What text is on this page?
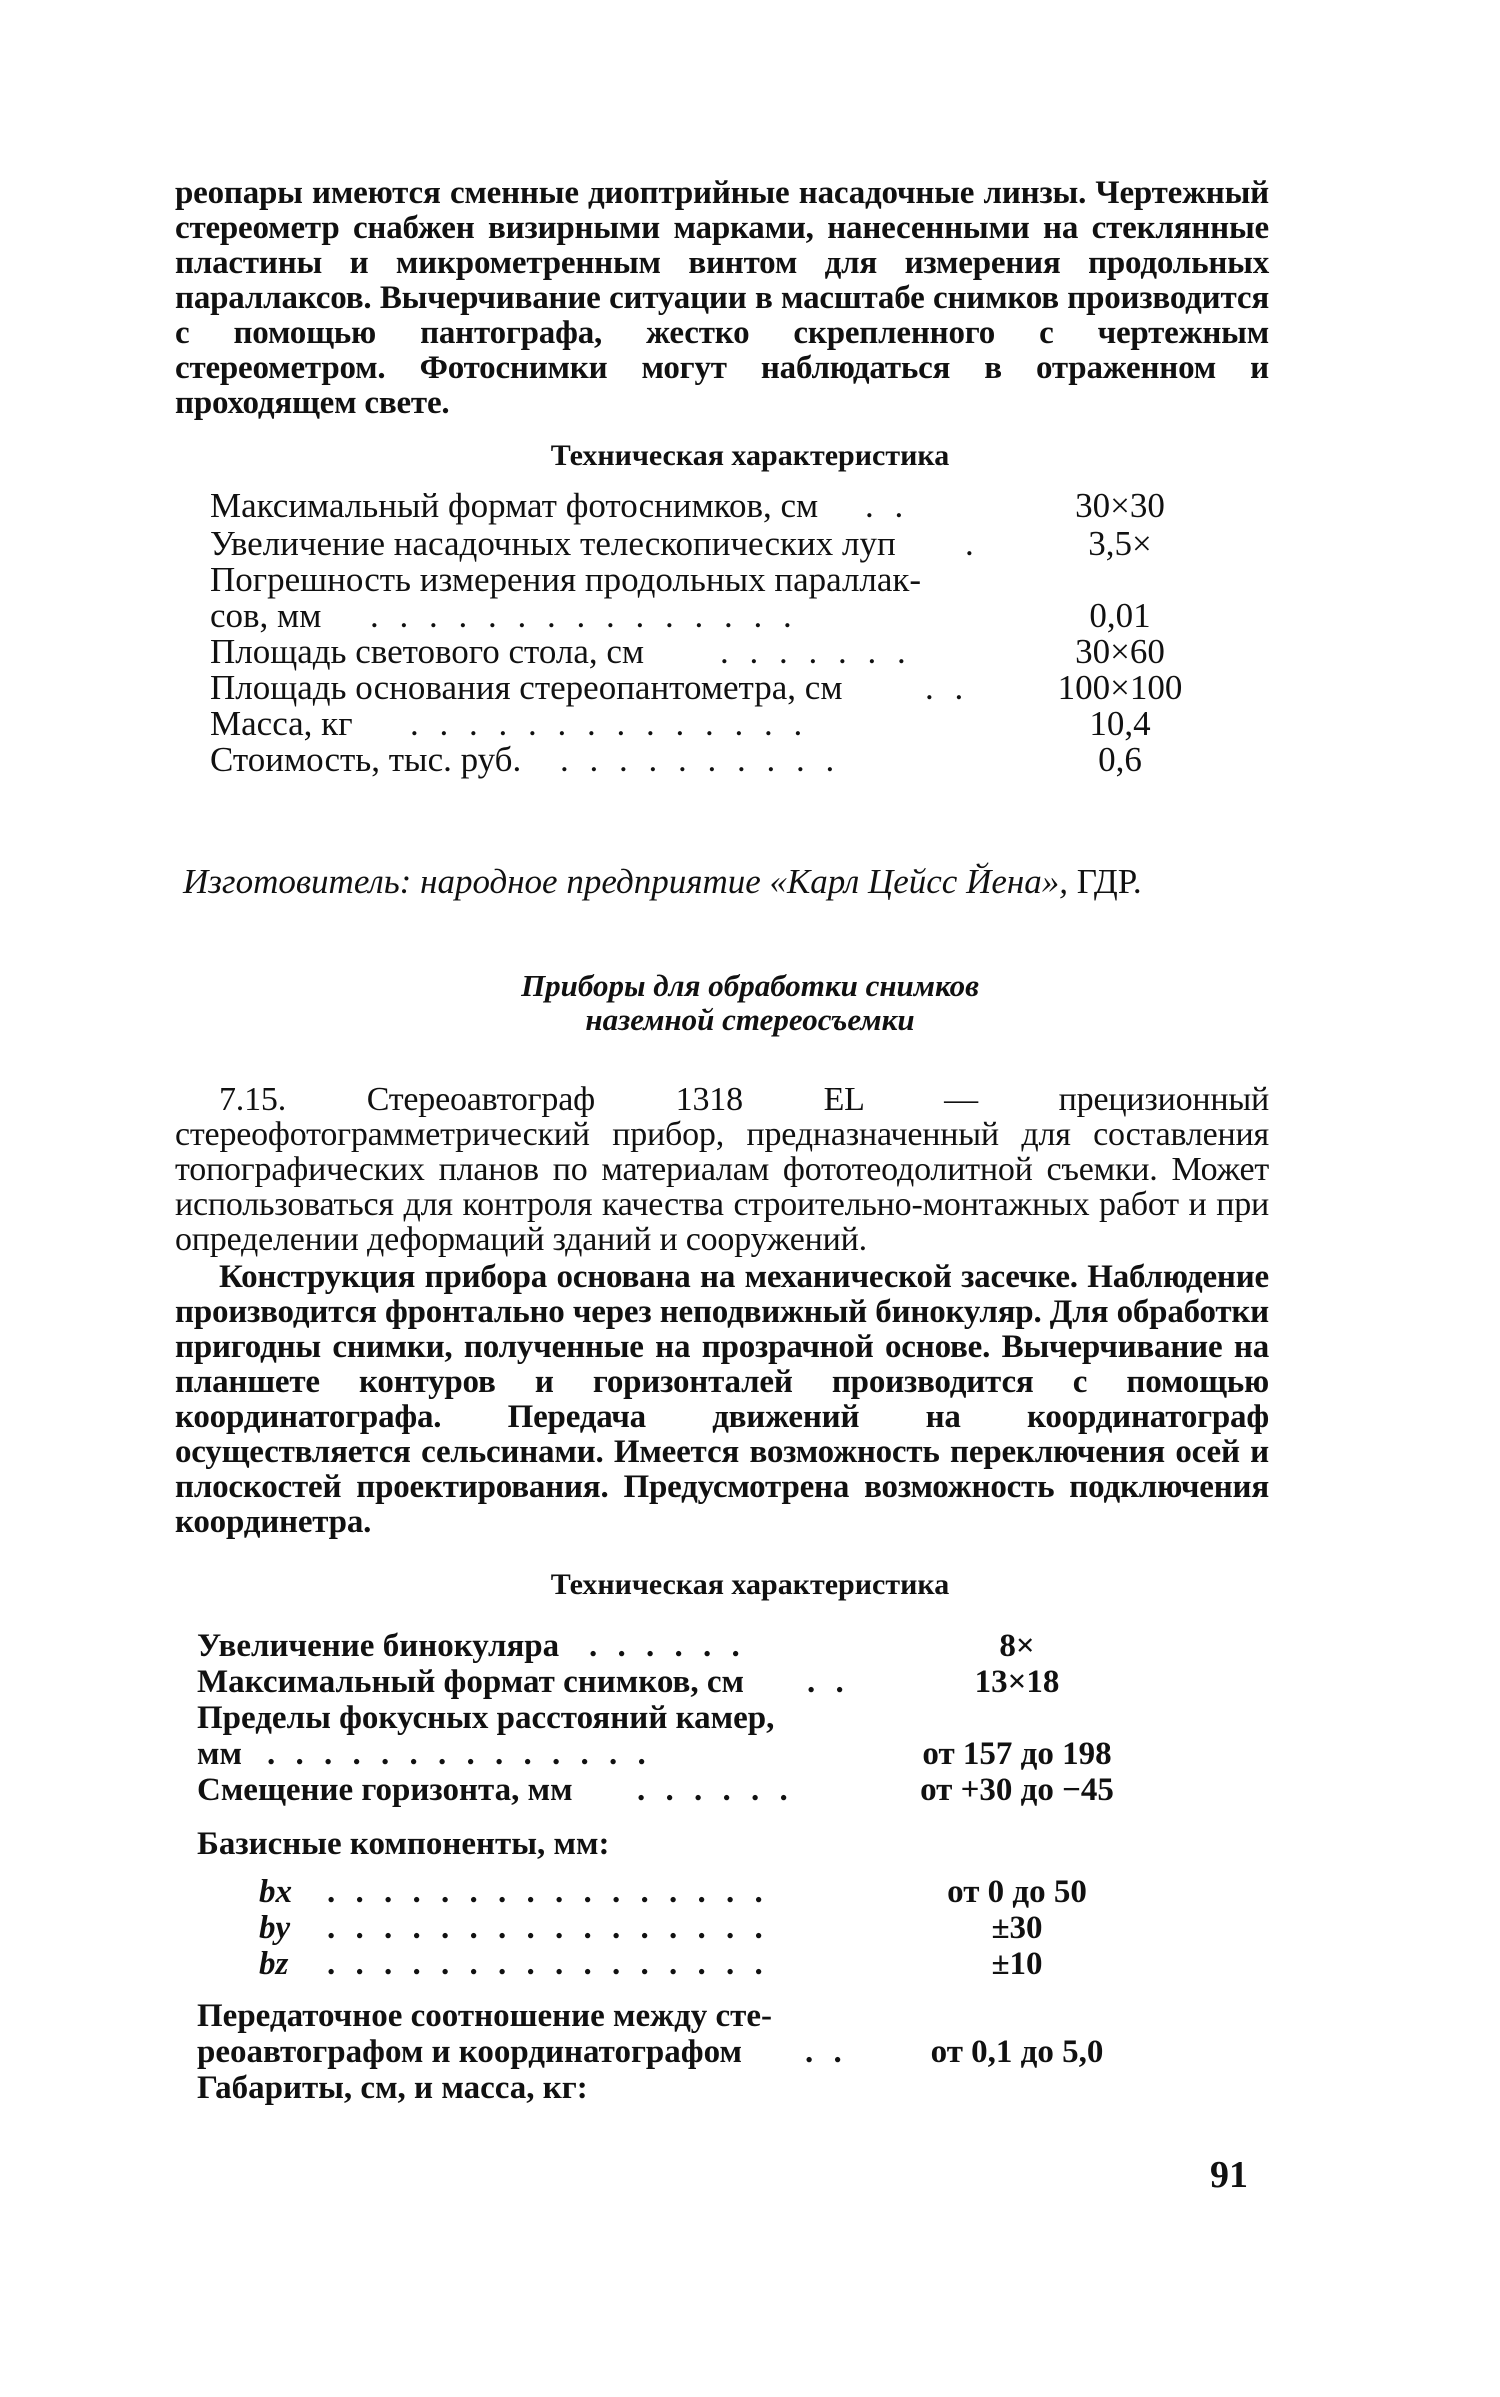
реопары имеются сменные диоптрийные насадочные линзы. Чертежный стереометр снабжен визирными марками, нанесенными на стеклянные пластины и микрометренным винтом для измерения продольных параллаксов. Вычерчивание ситуации в масштабе снимков производится с помощью пантографа, жестко скрепленного с чертежным стереометром. Фотоснимки могут наблюдаться в отраженном и проходящем свете.
Техническая характеристика
Максимальный формат фотоснимков, см . .	30×30
Увеличение насадочных телескопических луп .	3,5×
Погрешность измерения продольных параллак-
сов, мм . . . . . . . . . . . . . . .	0,01
Площадь светового стола, см . . . . . . .	30×60
Площадь основания стереопантометра, см . .	100×100
Масса, кг . . . . . . . . . . . . . .	10,4
Стоимость, тыс. руб. . . . . . . . . . .	0,6
Изготовитель: народное предприятие «Карл Цейсс Йена», ГДР.
Приборы для обработки снимков
наземной стереосъемки
7.15. Стереоавтограф 1318 EL — прецизионный стереофотограмметрический прибор, предназначенный для составления топографических планов по материалам фототеодолитной съемки. Может использоваться для контроля качества строительно-монтажных работ и при определении деформаций зданий и сооружений.
Конструкция прибора основана на механической засечке. Наблюдение производится фронтально через неподвижный бинокуляр. Для обработки пригодны снимки, полученные на прозрачной основе. Вычерчивание на планшете контуров и горизонталей производится с помощью координатографа. Передача движений на координатограф осуществляется сельсинами. Имеется возможность переключения осей и плоскостей проектирования. Предусмотрена возможность подключения координетра.
Техническая характеристика
Увеличение бинокуляра . . . . . .	8×
Максимальный формат снимков, см . .	13×18
Пределы фокусных расстояний камер,
мм . . . . . . . . . . . . . .	от 157 до 198
Смещение горизонта, мм . . . . . .	от +30 до −45
Базисные компоненты, мм:
bx . . . . . . . . . . . . . . . .	от 0 до 50
by . . . . . . . . . . . . . . . .	±30
bz . . . . . . . . . . . . . . . .	±10
Передаточное соотношение между сте-
реоавтографом и координатографом . .	от 0,1 до 5,0
Габариты, см, и масса, кг:
91
